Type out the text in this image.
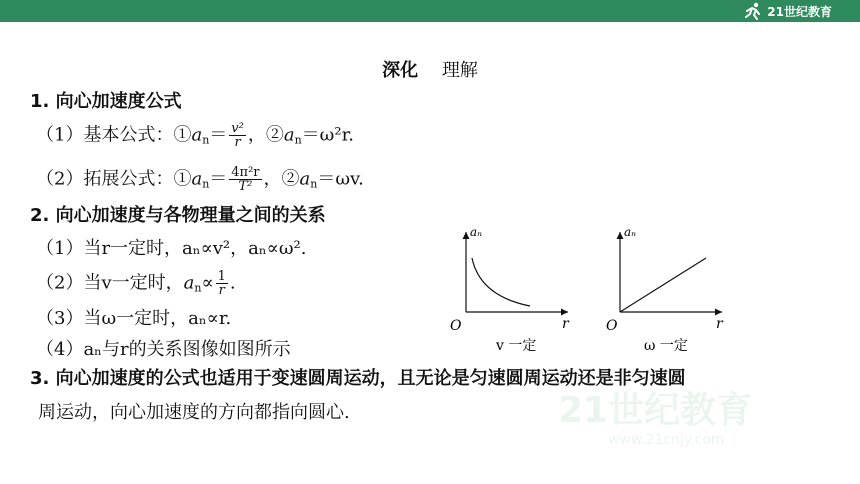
21世纪教育
深化 理解
1. 向心加速度公式
（1）基本公式：$①a_n= \frac{\text{v²}}{r}$ ，$②a_n=\omega^2r$.
（2）拓展公式：$①a_n= \frac{\text{4π²r}}{\text{T²}}$ ，$②a_n=\omega v$.
2. 向心加速度与各物理量之间的关系
（1）当r一定时，aₙ∝v²，aₙ∝ω².
（2）当v一定时，$a_n\propto \frac{1}{r}$ .
（3）当ω一定时，aₙ∝r.
（4）aₙ与r的关系图像如图所示
aₙ
r
O
v 一定
aₙ
r
O
ω 一定
3. 向心加速度的公式也适用于变速圆周运动，且无论是匀速圆周运动还是非匀速圆
周运动，向心加速度的方向都指向圆心.	21世纪教育
www.21cnjy.com
